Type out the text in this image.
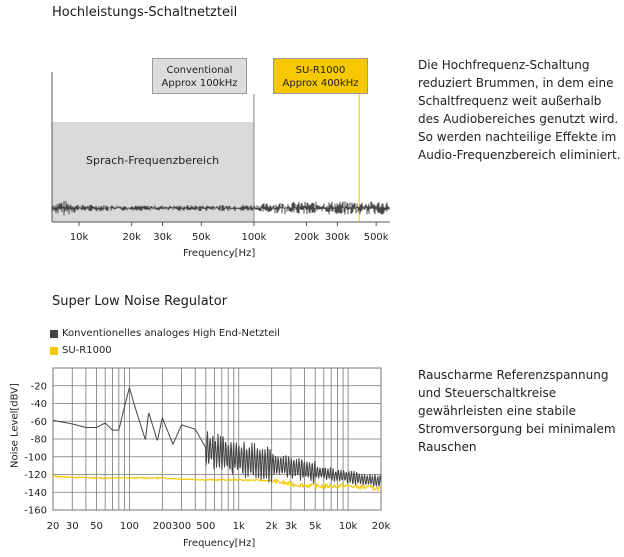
Hochleistungs-Schaltnetzteil
Die Hochfrequenz-Schaltung
reduziert Brummen, in dem eine
Schaltfrequenz weit außerhalb
des Audiobereiches genutzt wird.
So werden nachteilige Effekte im
Audio-Frequenzbereich eliminiert.
10k	20k 30k 50k	100k	200k 300k 500k
-20
-40
-60
-80
-100
-120
-140
-160
20 30 50 100 200 300 500 1k 2k 3k 5k 10k 20k
Conventional
Approx 100kHz
SU-R1000
Approx 400kHz
Sprach-Frequenzbereich
Frequency[Hz]
Super Low Noise Regulator
Konventionelles analoges High End-Netzteil
SU-R1000
Rauscharme Referenzspannung
und Steuerschaltkreise
gewährleisten eine stabile
Stromversorgung bei minimalem
Rauschen
Noise Level[dBV]
Frequency[Hz]
